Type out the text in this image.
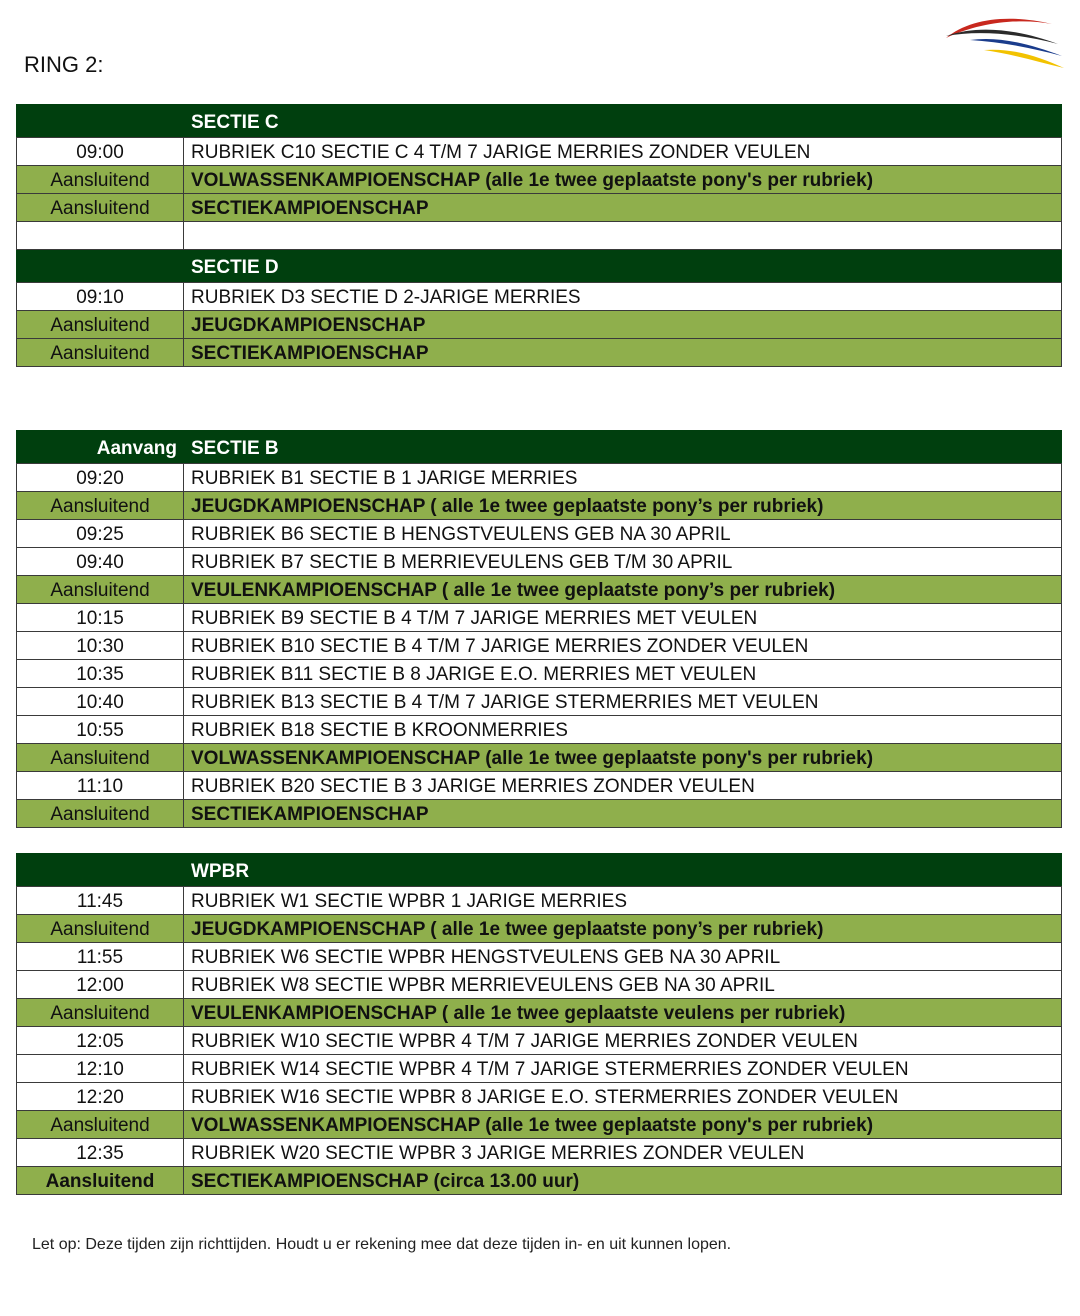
RING 2:
	SECTIE C
09:00	RUBRIEK C10 SECTIE C 4 T/M 7 JARIGE MERRIES ZONDER VEULEN
Aansluitend	VOLWASSENKAMPIOENSCHAP (alle 1e twee geplaatste pony's per rubriek)
Aansluitend	SECTIEKAMPIOENSCHAP

	SECTIE D
09:10	RUBRIEK D3 SECTIE D 2-JARIGE MERRIES
Aansluitend	JEUGDKAMPIOENSCHAP
Aansluitend	SECTIEKAMPIOENSCHAP
Aanvang	SECTIE B
09:20	RUBRIEK B1 SECTIE B 1 JARIGE MERRIES
Aansluitend	JEUGDKAMPIOENSCHAP ( alle 1e twee geplaatste pony’s per rubriek)
09:25	RUBRIEK B6 SECTIE B HENGSTVEULENS GEB NA 30 APRIL
09:40	RUBRIEK B7 SECTIE B MERRIEVEULENS GEB T/M 30 APRIL
Aansluitend	VEULENKAMPIOENSCHAP ( alle 1e twee geplaatste pony’s per rubriek)
10:15	RUBRIEK B9 SECTIE B 4 T/M 7 JARIGE MERRIES MET VEULEN
10:30	RUBRIEK B10 SECTIE B 4 T/M 7 JARIGE MERRIES ZONDER VEULEN
10:35	RUBRIEK B11 SECTIE B 8 JARIGE E.O. MERRIES MET VEULEN
10:40	RUBRIEK B13 SECTIE B 4 T/M 7 JARIGE STERMERRIES MET VEULEN
10:55	RUBRIEK B18 SECTIE B KROONMERRIES
Aansluitend	VOLWASSENKAMPIOENSCHAP (alle 1e twee geplaatste pony's per rubriek)
11:10	RUBRIEK B20 SECTIE B 3 JARIGE MERRIES ZONDER VEULEN
Aansluitend	SECTIEKAMPIOENSCHAP
	WPBR
11:45	RUBRIEK W1 SECTIE WPBR 1 JARIGE MERRIES
Aansluitend	JEUGDKAMPIOENSCHAP ( alle 1e twee geplaatste pony’s per rubriek)
11:55	RUBRIEK W6 SECTIE WPBR HENGSTVEULENS GEB NA 30 APRIL
12:00	RUBRIEK W8 SECTIE WPBR MERRIEVEULENS GEB NA 30 APRIL
Aansluitend	VEULENKAMPIOENSCHAP ( alle 1e twee geplaatste veulens per rubriek)
12:05	RUBRIEK W10 SECTIE WPBR 4 T/M 7 JARIGE MERRIES ZONDER VEULEN
12:10	RUBRIEK W14 SECTIE WPBR 4 T/M 7 JARIGE STERMERRIES ZONDER VEULEN
12:20	RUBRIEK W16 SECTIE WPBR 8 JARIGE E.O. STERMERRIES ZONDER VEULEN
Aansluitend	VOLWASSENKAMPIOENSCHAP (alle 1e twee geplaatste pony's per rubriek)
12:35	RUBRIEK W20 SECTIE WPBR 3 JARIGE MERRIES ZONDER VEULEN
Aansluitend	SECTIEKAMPIOENSCHAP (circa 13.00 uur)
Let op: Deze tijden zijn richttijden. Houdt u er rekening mee dat deze tijden in- en uit kunnen lopen.
